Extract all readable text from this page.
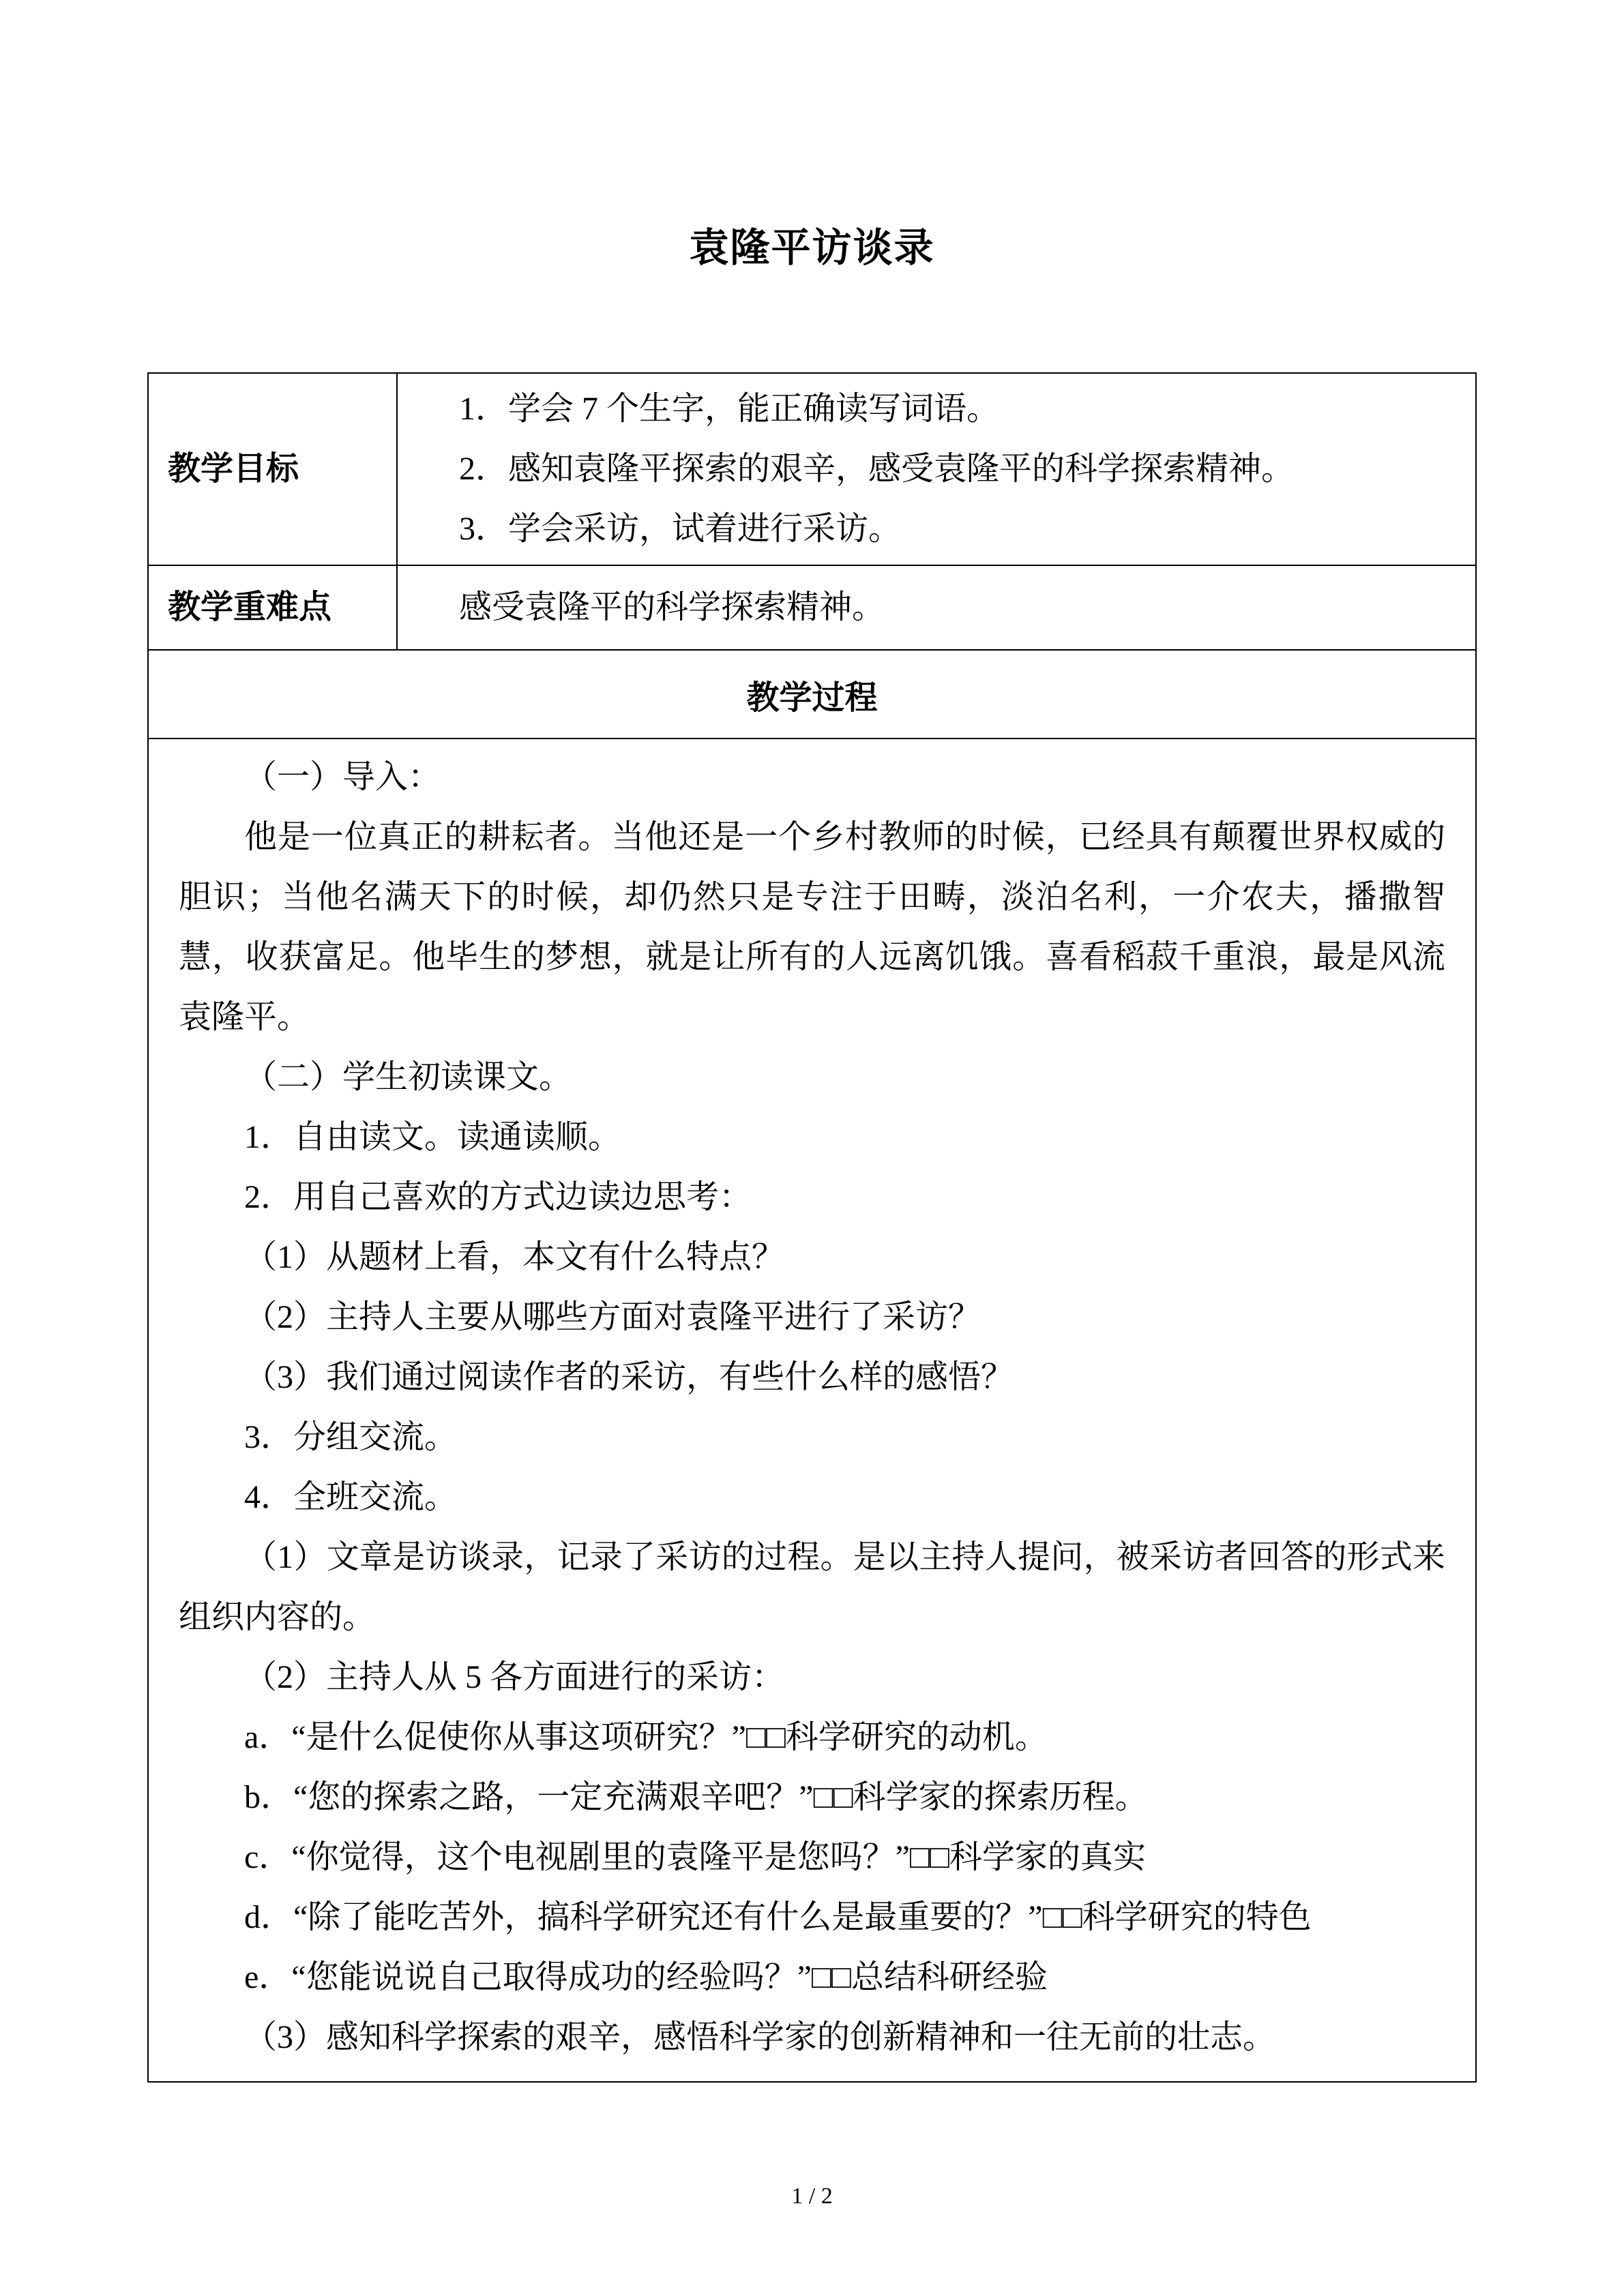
袁隆平访谈录
教学目标	1．学会 7 个生字，能正确读写词语。

2．感知袁隆平探索的艰辛，感受袁隆平的科学探索精神。

3．学会采访，试着进行采访。

教学重难点	感受袁隆平的科学探索精神。
教学过程	

（一）导入：

他是一位真正的耕耘者。当他还是一个乡村教师的时候，已经具有颠覆世界权威的胆识；当他名满天下的时候，却仍然只是专注于田畴，淡泊名利，一介农夫，播撒智慧，收获富足。他毕生的梦想，就是让所有的人远离饥饿。喜看稻菽千重浪，最是风流袁隆平。

（二）学生初读课文。

1．自由读文。读通读顺。

2．用自己喜欢的方式边读边思考：

（1）从题材上看，本文有什么特点？

（2）主持人主要从哪些方面对袁隆平进行了采访？

（3）我们通过阅读作者的采访，有些什么样的感悟？

3．分组交流。

4．全班交流。

（1）文章是访谈录，记录了采访的过程。是以主持人提问，被采访者回答的形式来组织内容的。

（2）主持人从 5 各方面进行的采访：

a．“是什么促使你从事这项研究？”□□科学研究的动机。

b．“您的探索之路，一定充满艰辛吧？”□□科学家的探索历程。

c．“你觉得，这个电视剧里的袁隆平是您吗？”□□科学家的真实

d．“除了能吃苦外，搞科学研究还有什么是最重要的？”□□科学研究的特色

e．“您能说说自己取得成功的经验吗？”□□总结科研经验

（3）感知科学探索的艰辛，感悟科学家的创新精神和一往无前的壮志。

1 / 2
